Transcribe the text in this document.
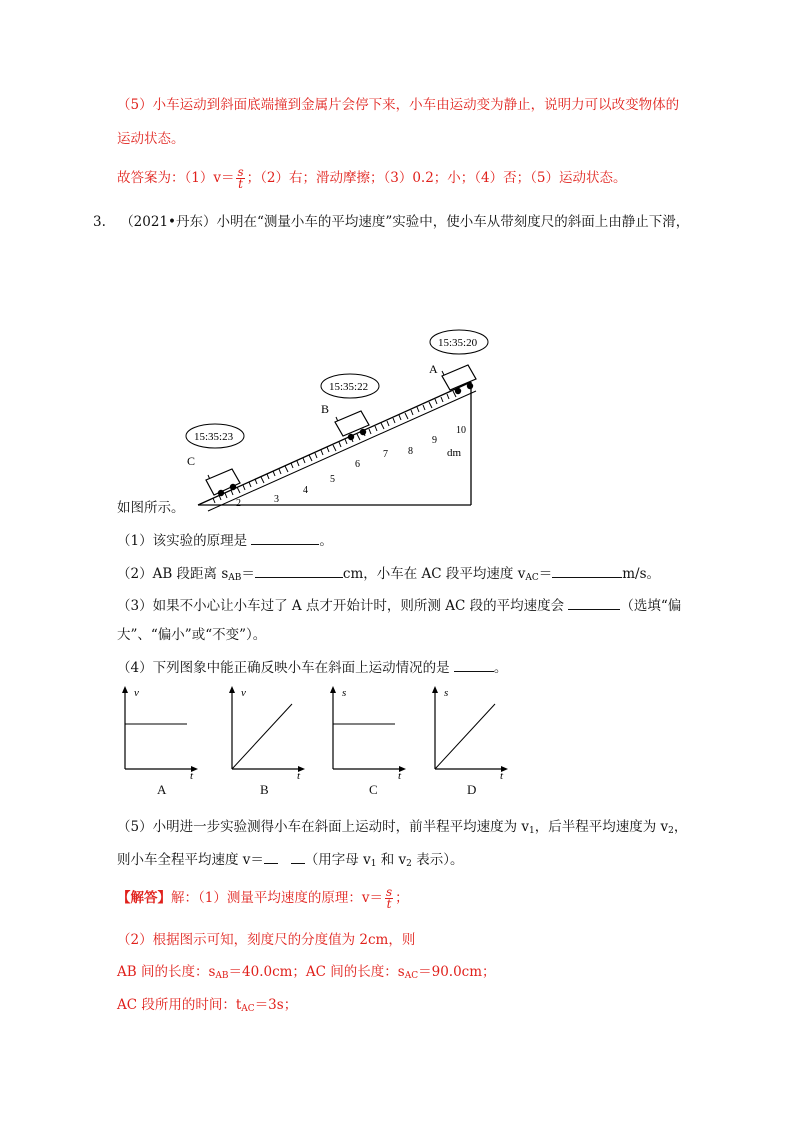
（5）小车运动到斜面底端撞到金属片会停下来，小车由运动变为静止，说明力可以改变物体的
运动状态。
故答案为：$(1)v= \frac{s}{t}$ ；（2）右；滑动摩擦；（3）0.2；小；（4）否；（5）运动状态。
3. （2021•丹东）小明在“测量小车的平均速度”实验中，使小车从带刻度尺的斜面上由静止下滑，
2	3
4
5
6
7 8
9
10
dm
C
15:35:23
B
15:35:22
A
15:35:20
如图所示。
（1）该实验的原理是	。
（2）AB 段距离 $s_{AB}=$	cm，小车在 AC 段平均速度 $v_{AC}=$	m/s。
（3）如果不小心让小车过了 A 点才开始计时，则所测 AC 段的平均速度会	（选填“偏
大”、“偏小”或“不变”）。
（4）下列图象中能正确反映小车在斜面上运动情况的是	。
v
t
v
t
s
t
s
t
A	B	C	D
（5）小明进一步实验测得小车在斜面上运动时，前半程平均速度为 $v_1$，后半程平均速度为 $v_2$，
则小车全程平均速度 v＝	（用字母 $v_1$ 和 $v_2$ 表示）。
【解答】解：（1）测量平均速度的原理：$v= \frac{s}{t}$ ；
（2）根据图示可知，刻度尺的分度值为 2cm，则
AB 间的长度：$s_{AB}=40.0cm$；AC 间的长度：$s_{AC}=90.0cm$；
AC 段所用的时间：$t_{AC}=3s$；
